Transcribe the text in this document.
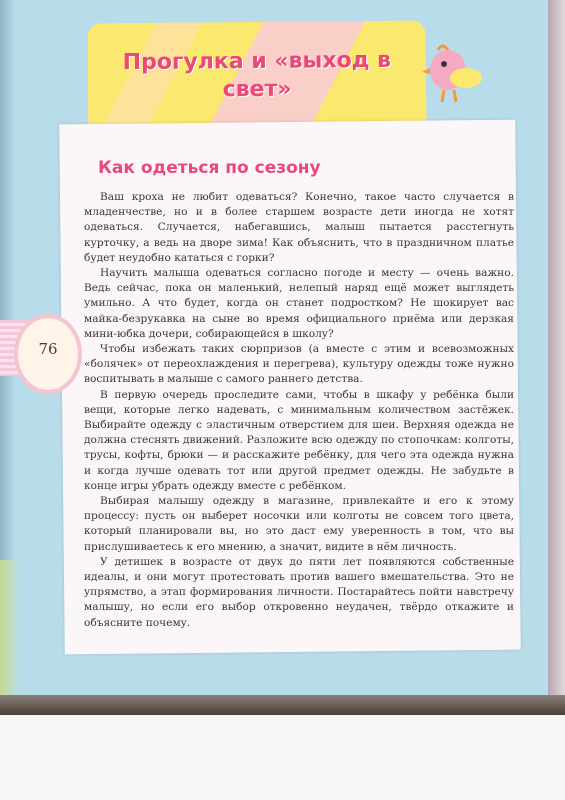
Прогулка и «выход в свет»
76
Как одеться по сезону

Ваш кроха не любит одеваться? Конечно, такое часто случается в младенчестве, но и в более старшем возрасте дети иногда не хотят одеваться. Случается, набегавшись, малыш пытается расстегнуть курточку, а ведь на дворе зима! Как объяснить, что в праздничном платье будет неудобно кататься с горки?

Научить малыша одеваться согласно погоде и месту — очень важно. Ведь сейчас, пока он маленький, нелепый наряд ещё может выглядеть умильно. А что будет, когда он станет подростком? Не шокирует вас майка-безрукавка на сыне во время официального приёма или дерзкая мини-юбка дочери, собирающейся в школу?

Чтобы избежать таких сюрпризов (а вместе с этим и всевозможных «болячек» от переохлаждения и перегрева), культуру одежды тоже нужно воспитывать в малыше с самого раннего детства.

В первую очередь проследите сами, чтобы в шкафу у ребёнка были вещи, которые легко надевать, с минимальным количеством застёжек. Выбирайте одежду с эластичным отверстием для шеи. Верхняя одежда не должна стеснять движений. Разложите всю одежду по стопочкам: колготы, трусы, кофты, брюки — и расскажите ребёнку, для чего эта одежда нужна и когда лучше одевать тот или другой предмет одежды. Не забудьте в конце игры убрать одежду вместе с ребёнком.

Выбирая малышу одежду в магазине, привлекайте и его к этому процессу: пусть он выберет носочки или колготы не совсем того цвета, который планировали вы, но это даст ему уверенность в том, что вы прислушиваетесь к его мнению, а значит, видите в нём личность.

У детишек в возрасте от двух до пяти лет появляются собственные идеалы, и они могут протестовать против вашего вмешательства. Это не упрямство, а этап формирования личности. Постарайтесь пойти навстречу малышу, но если его выбор откровенно неудачен, твёрдо откажите и объясните почему.
